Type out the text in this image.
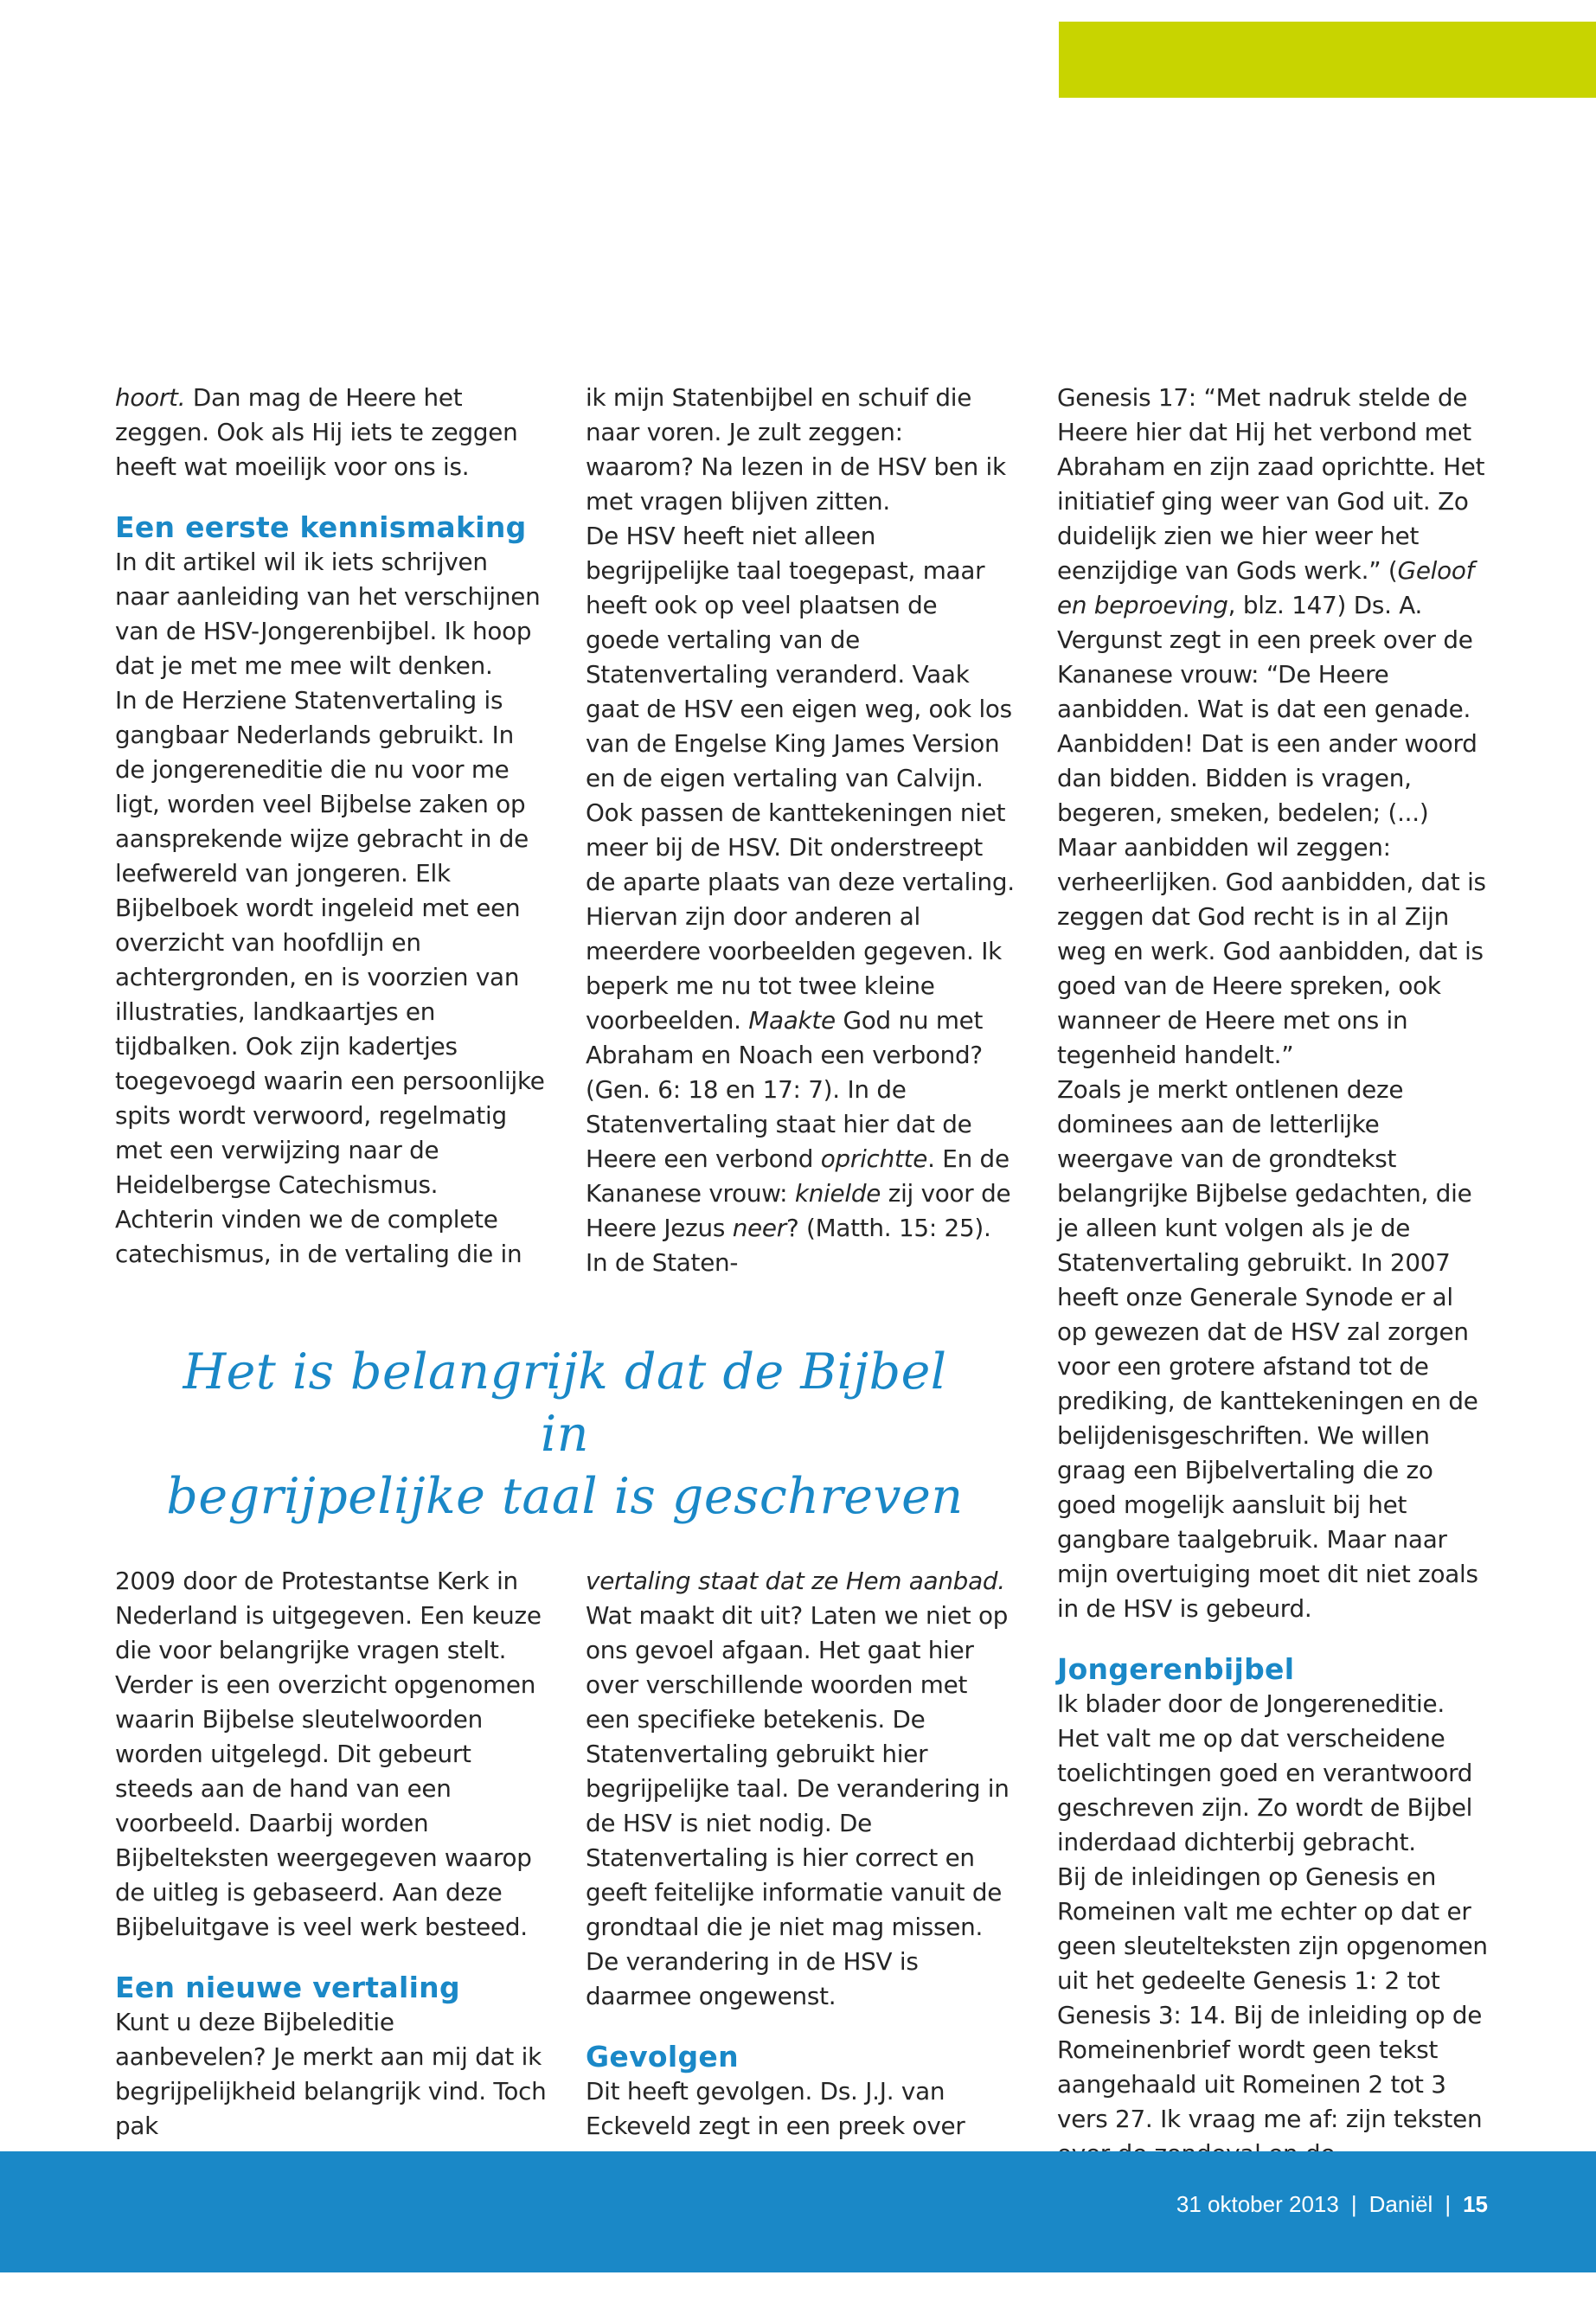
hoort. Dan mag de Heere het zeggen. Ook als Hij iets te zeggen heeft wat moeilijk voor ons is.

Een eerste kennismaking

In dit artikel wil ik iets schrijven naar aanleiding van het verschijnen van de HSV-Jongerenbijbel. Ik hoop dat je met me mee wilt denken.

In de Herziene Statenvertaling is gangbaar Nederlands gebruikt. In de jongereneditie die nu voor me ligt, worden veel Bijbelse zaken op aansprekende wijze gebracht in de leefwereld van jongeren. Elk Bijbelboek wordt ingeleid met een overzicht van hoofdlijn en achtergronden, en is voorzien van illustraties, landkaartjes en tijdbalken. Ook zijn kadertjes toegevoegd waarin een persoonlijke spits wordt verwoord, regelmatig met een verwijzing naar de Heidelbergse Catechismus.

Achterin vinden we de complete catechismus, in de vertaling die in

ik mijn Statenbijbel en schuif die naar voren. Je zult zeggen: waarom? Na lezen in de HSV ben ik met vragen blijven zitten.

De HSV heeft niet alleen begrijpelijke taal toegepast, maar heeft ook op veel plaatsen de goede vertaling van de Statenvertaling veranderd. Vaak gaat de HSV een eigen weg, ook los van de Engelse King James Version en de eigen vertaling van Calvijn. Ook passen de kanttekeningen niet meer bij de HSV. Dit onderstreept de aparte plaats van deze vertaling.

Hiervan zijn door anderen al meerdere voorbeelden gegeven. Ik beperk me nu tot twee kleine voorbeelden. Maakte God nu met Abraham en Noach een verbond? (Gen. 6: 18 en 17: 7). In de Statenvertaling staat hier dat de Heere een verbond oprichtte. En de Kananese vrouw: knielde zij voor de Heere Jezus neer? (Matth. 15: 25). In de Staten-

Genesis 17: “Met nadruk stelde de Heere hier dat Hij het verbond met Abraham en zijn zaad oprichtte. Het initiatief ging weer van God uit. Zo duidelijk zien we hier weer het eenzijdige van Gods werk.” (Geloof en beproeving, blz. 147) Ds. A. Vergunst zegt in een preek over de Kananese vrouw: “De Heere aanbidden. Wat is dat een genade. Aanbidden! Dat is een ander woord dan bidden. Bidden is vragen, begeren, smeken, bedelen; (...) Maar aanbidden wil zeggen: verheerlijken. God aanbidden, dat is zeggen dat God recht is in al Zijn weg en werk. God aanbidden, dat is goed van de Heere spreken, ook wanneer de Heere met ons in tegenheid handelt.”

Zoals je merkt ontlenen deze dominees aan de letterlijke weergave van de grondtekst belangrijke Bijbelse gedachten, die je alleen kunt volgen als je de Statenvertaling gebruikt. In 2007 heeft onze Generale Synode er al op gewezen dat de HSV zal zorgen voor een grotere afstand tot de prediking, de kanttekeningen en de belijdenisgeschriften. We willen graag een Bijbelvertaling die zo goed mogelijk aansluit bij het gangbare taalgebruik. Maar naar mijn overtuiging moet dit niet zoals in de HSV is gebeurd.

Jongerenbijbel

Ik blader door de Jongereneditie. Het valt me op dat verscheidene toelichtingen goed en verantwoord geschreven zijn. Zo wordt de Bijbel inderdaad dichterbij gebracht.

Bij de inleidingen op Genesis en Romeinen valt me echter op dat er geen sleutelteksten zijn opgenomen uit het gedeelte Genesis 1: 2 tot Genesis 3: 14. Bij de inleiding op de Romeinenbrief wordt geen tekst aangehaald uit Romeinen 2 tot 3 vers 27. Ik vraag me af: zijn teksten

Het is belangrijk dat de Bijbel in
begrijpelijke taal is geschreven

2009 door de Protestantse Kerk in Nederland is uitgegeven. Een keuze die voor belangrijke vragen stelt. Verder is een overzicht opgenomen waarin Bijbelse sleutelwoorden worden uitgelegd. Dit gebeurt steeds aan de hand van een voorbeeld. Daarbij worden Bijbelteksten weergegeven waarop de uitleg is gebaseerd. Aan deze Bijbeluitgave is veel werk besteed.

Een nieuwe vertaling

Kunt u deze Bijbeleditie aanbevelen? Je merkt aan mij dat ik begrijpelijkheid belangrijk vind. Toch pak

vertaling staat dat ze Hem aanbad. Wat maakt dit uit? Laten we niet op ons gevoel afgaan. Het gaat hier over verschillende woorden met een specifieke betekenis. De Statenvertaling gebruikt hier begrijpelijke taal. De verandering in de HSV is niet nodig. De Statenvertaling is hier correct en geeft feitelijke informatie vanuit de grondtaal die je niet mag missen. De verandering in de HSV is daarmee ongewenst.

Gevolgen

Dit heeft gevolgen. Ds. J.J. van Eckeveld zegt in een preek over

31 oktober 2013 | Daniël | 15
